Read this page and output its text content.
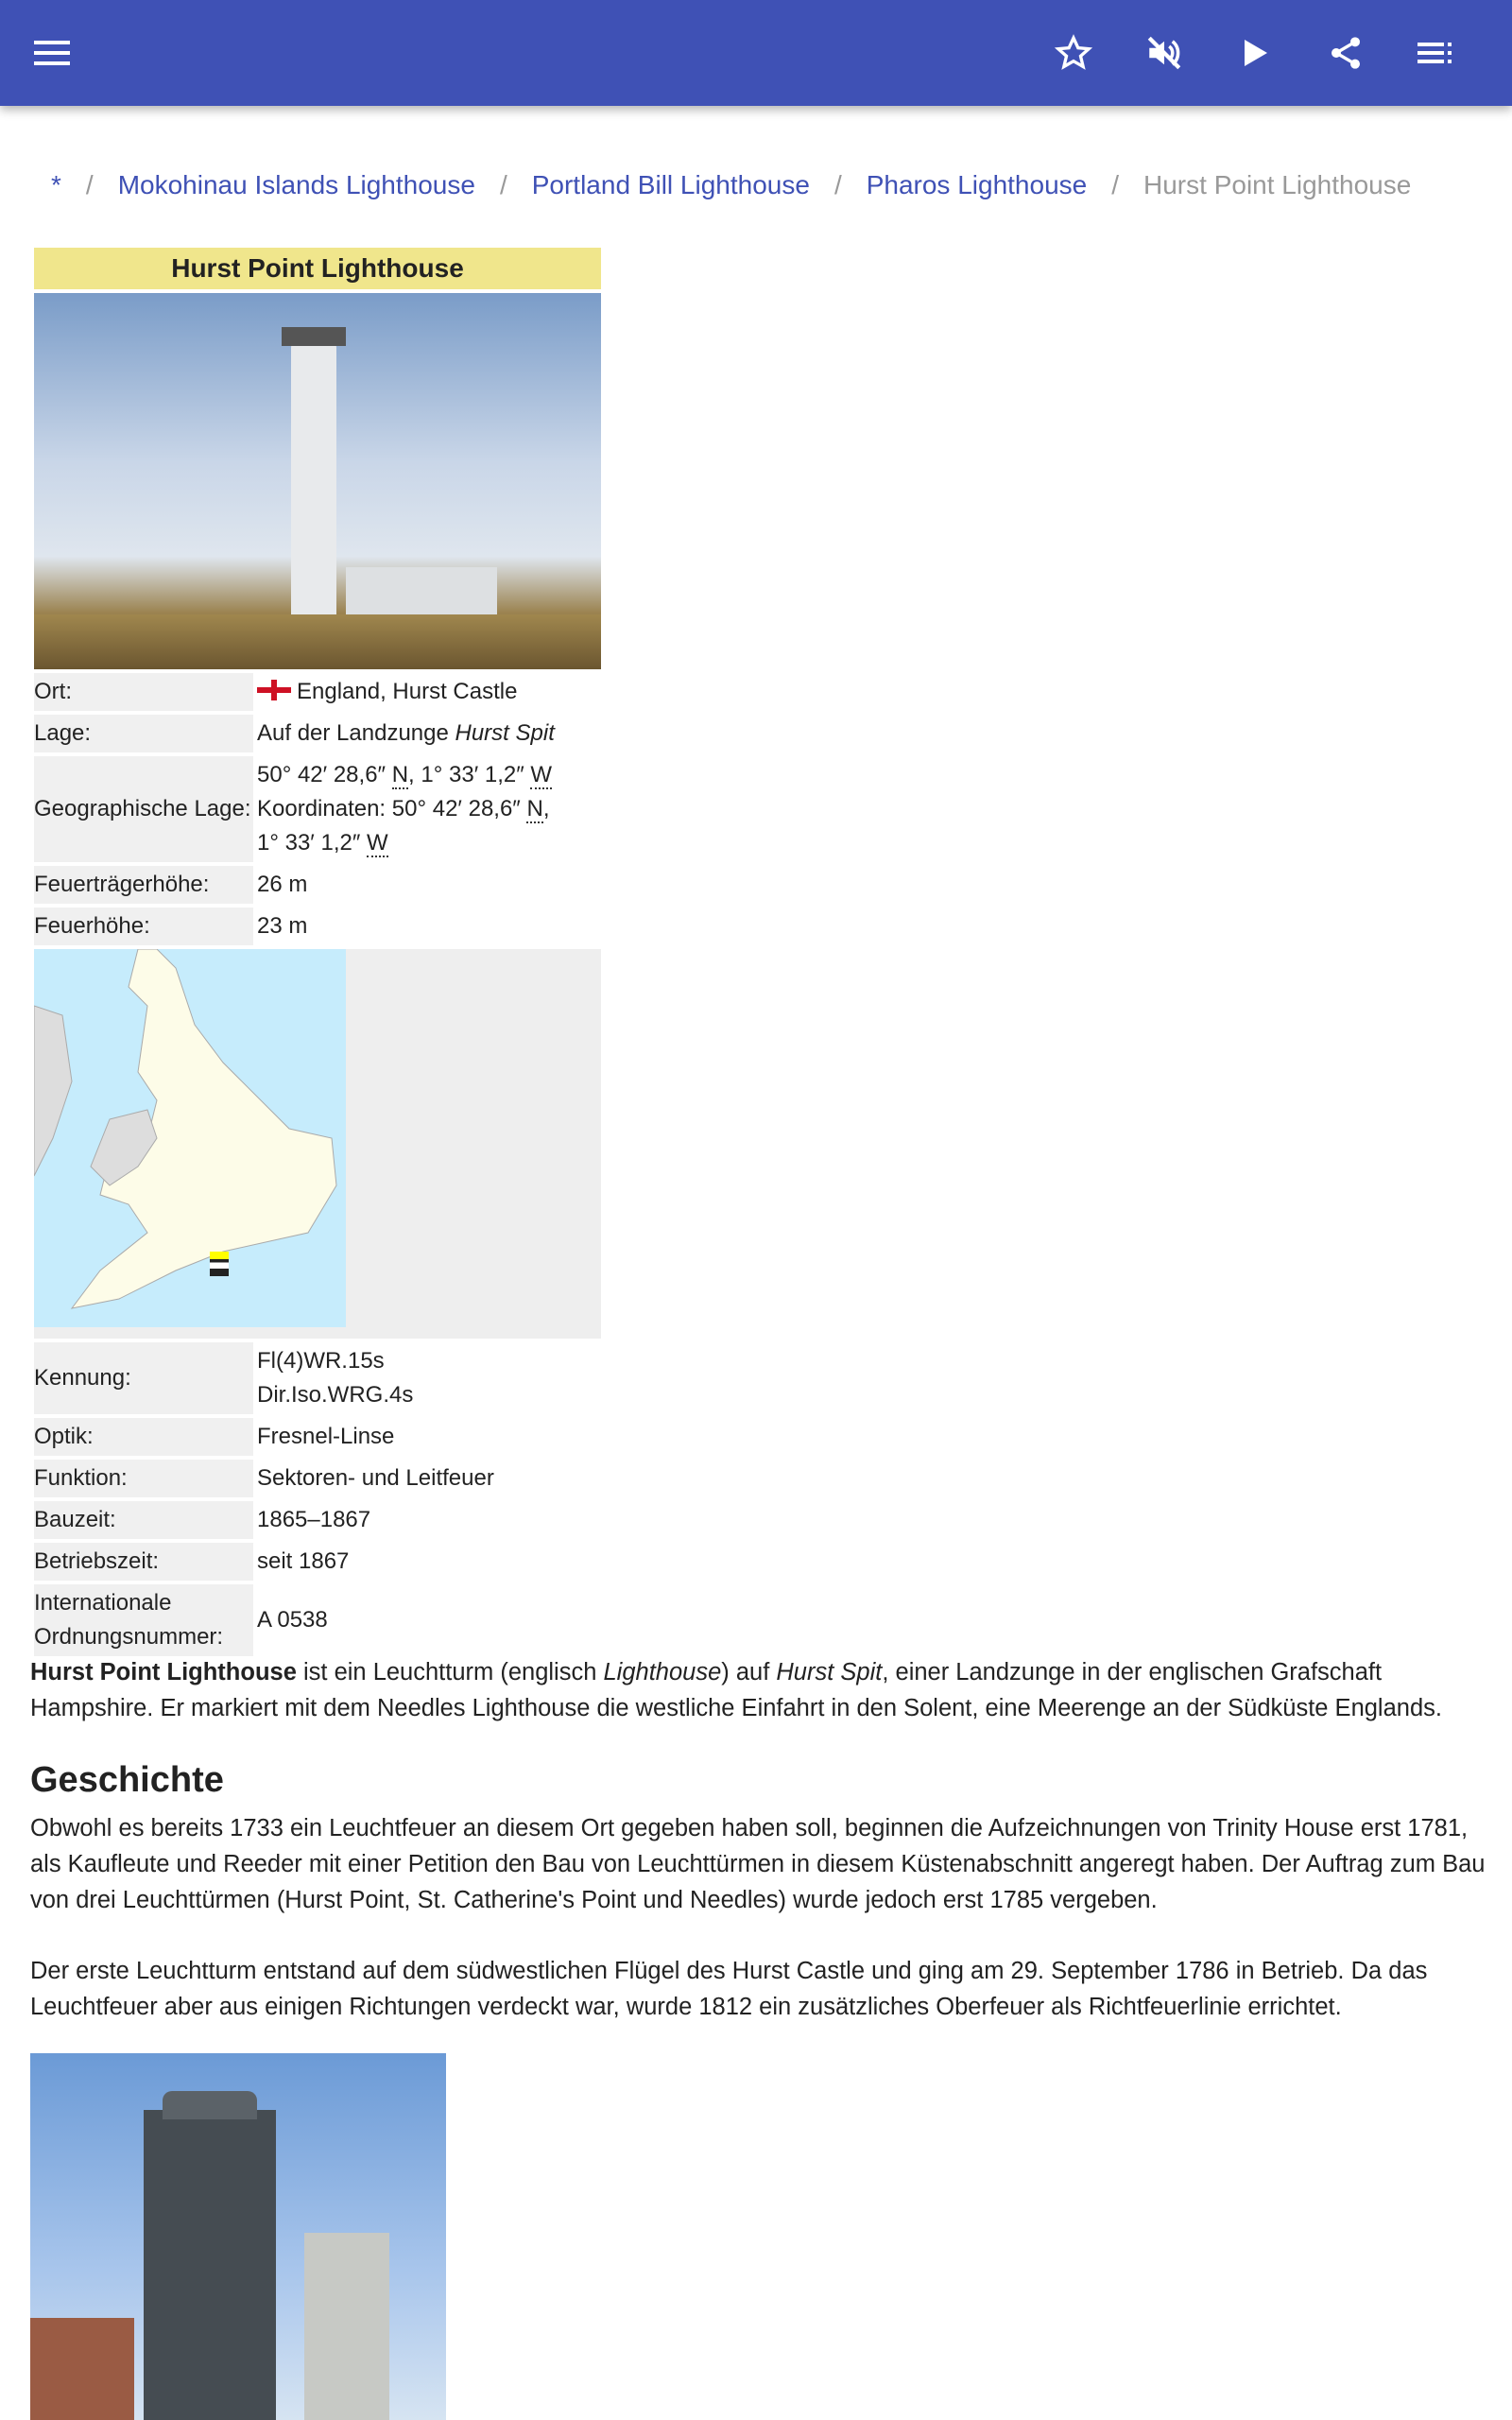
* / Mokohinau Islands Lighthouse / Portland Bill Lighthouse / Pharos Lighthouse / Hurst Point Lighthouse
Hurst Point Lighthouse
Ort:	England, Hurst Castle
Lage:	Auf der Landzunge Hurst Spit
Geographische Lage:
50° 42′ 28,6″ N, 1° 33′ 1,2″ W
Koordinaten: 50° 42′ 28,6″ N,
1° 33′ 1,2″ W
Feuerträgerhöhe:	26 m
Feuerhöhe:	23 m
Kennung:
Fl(4)WR.15s
Dir.Iso.WRG.4s
Optik:	Fresnel-Linse
Funktion:	Sektoren- und Leitfeuer
Bauzeit:	1865–1867
Betriebszeit:	seit 1867
Internationale
Ordnungsnummer:
A 0538

Hurst Point Lighthouse ist ein Leuchtturm (englisch Lighthouse) auf Hurst Spit, einer Landzunge in der englischen Grafschaft Hampshire. Er markiert mit dem Needles Lighthouse die westliche Einfahrt in den Solent, eine Meerenge an der Südküste Englands.

Geschichte

Obwohl es bereits 1733 ein Leuchtfeuer an diesem Ort gegeben haben soll, beginnen die Aufzeichnungen von Trinity House erst 1781, als Kaufleute und Reeder mit einer Petition den Bau von Leuchttürmen in diesem Küstenabschnitt angeregt haben. Der Auftrag zum Bau von drei Leuchttürmen (Hurst Point, St. Catherine's Point und Needles) wurde jedoch erst 1785 vergeben.

Der erste Leuchtturm entstand auf dem südwestlichen Flügel des Hurst Castle und ging am 29. September 1786 in Betrieb. Da das Leuchtfeuer aber aus einigen Richtungen verdeckt war, wurde 1812 ein zusätzliches Oberfeuer als Richtfeuerlinie errichtet.
